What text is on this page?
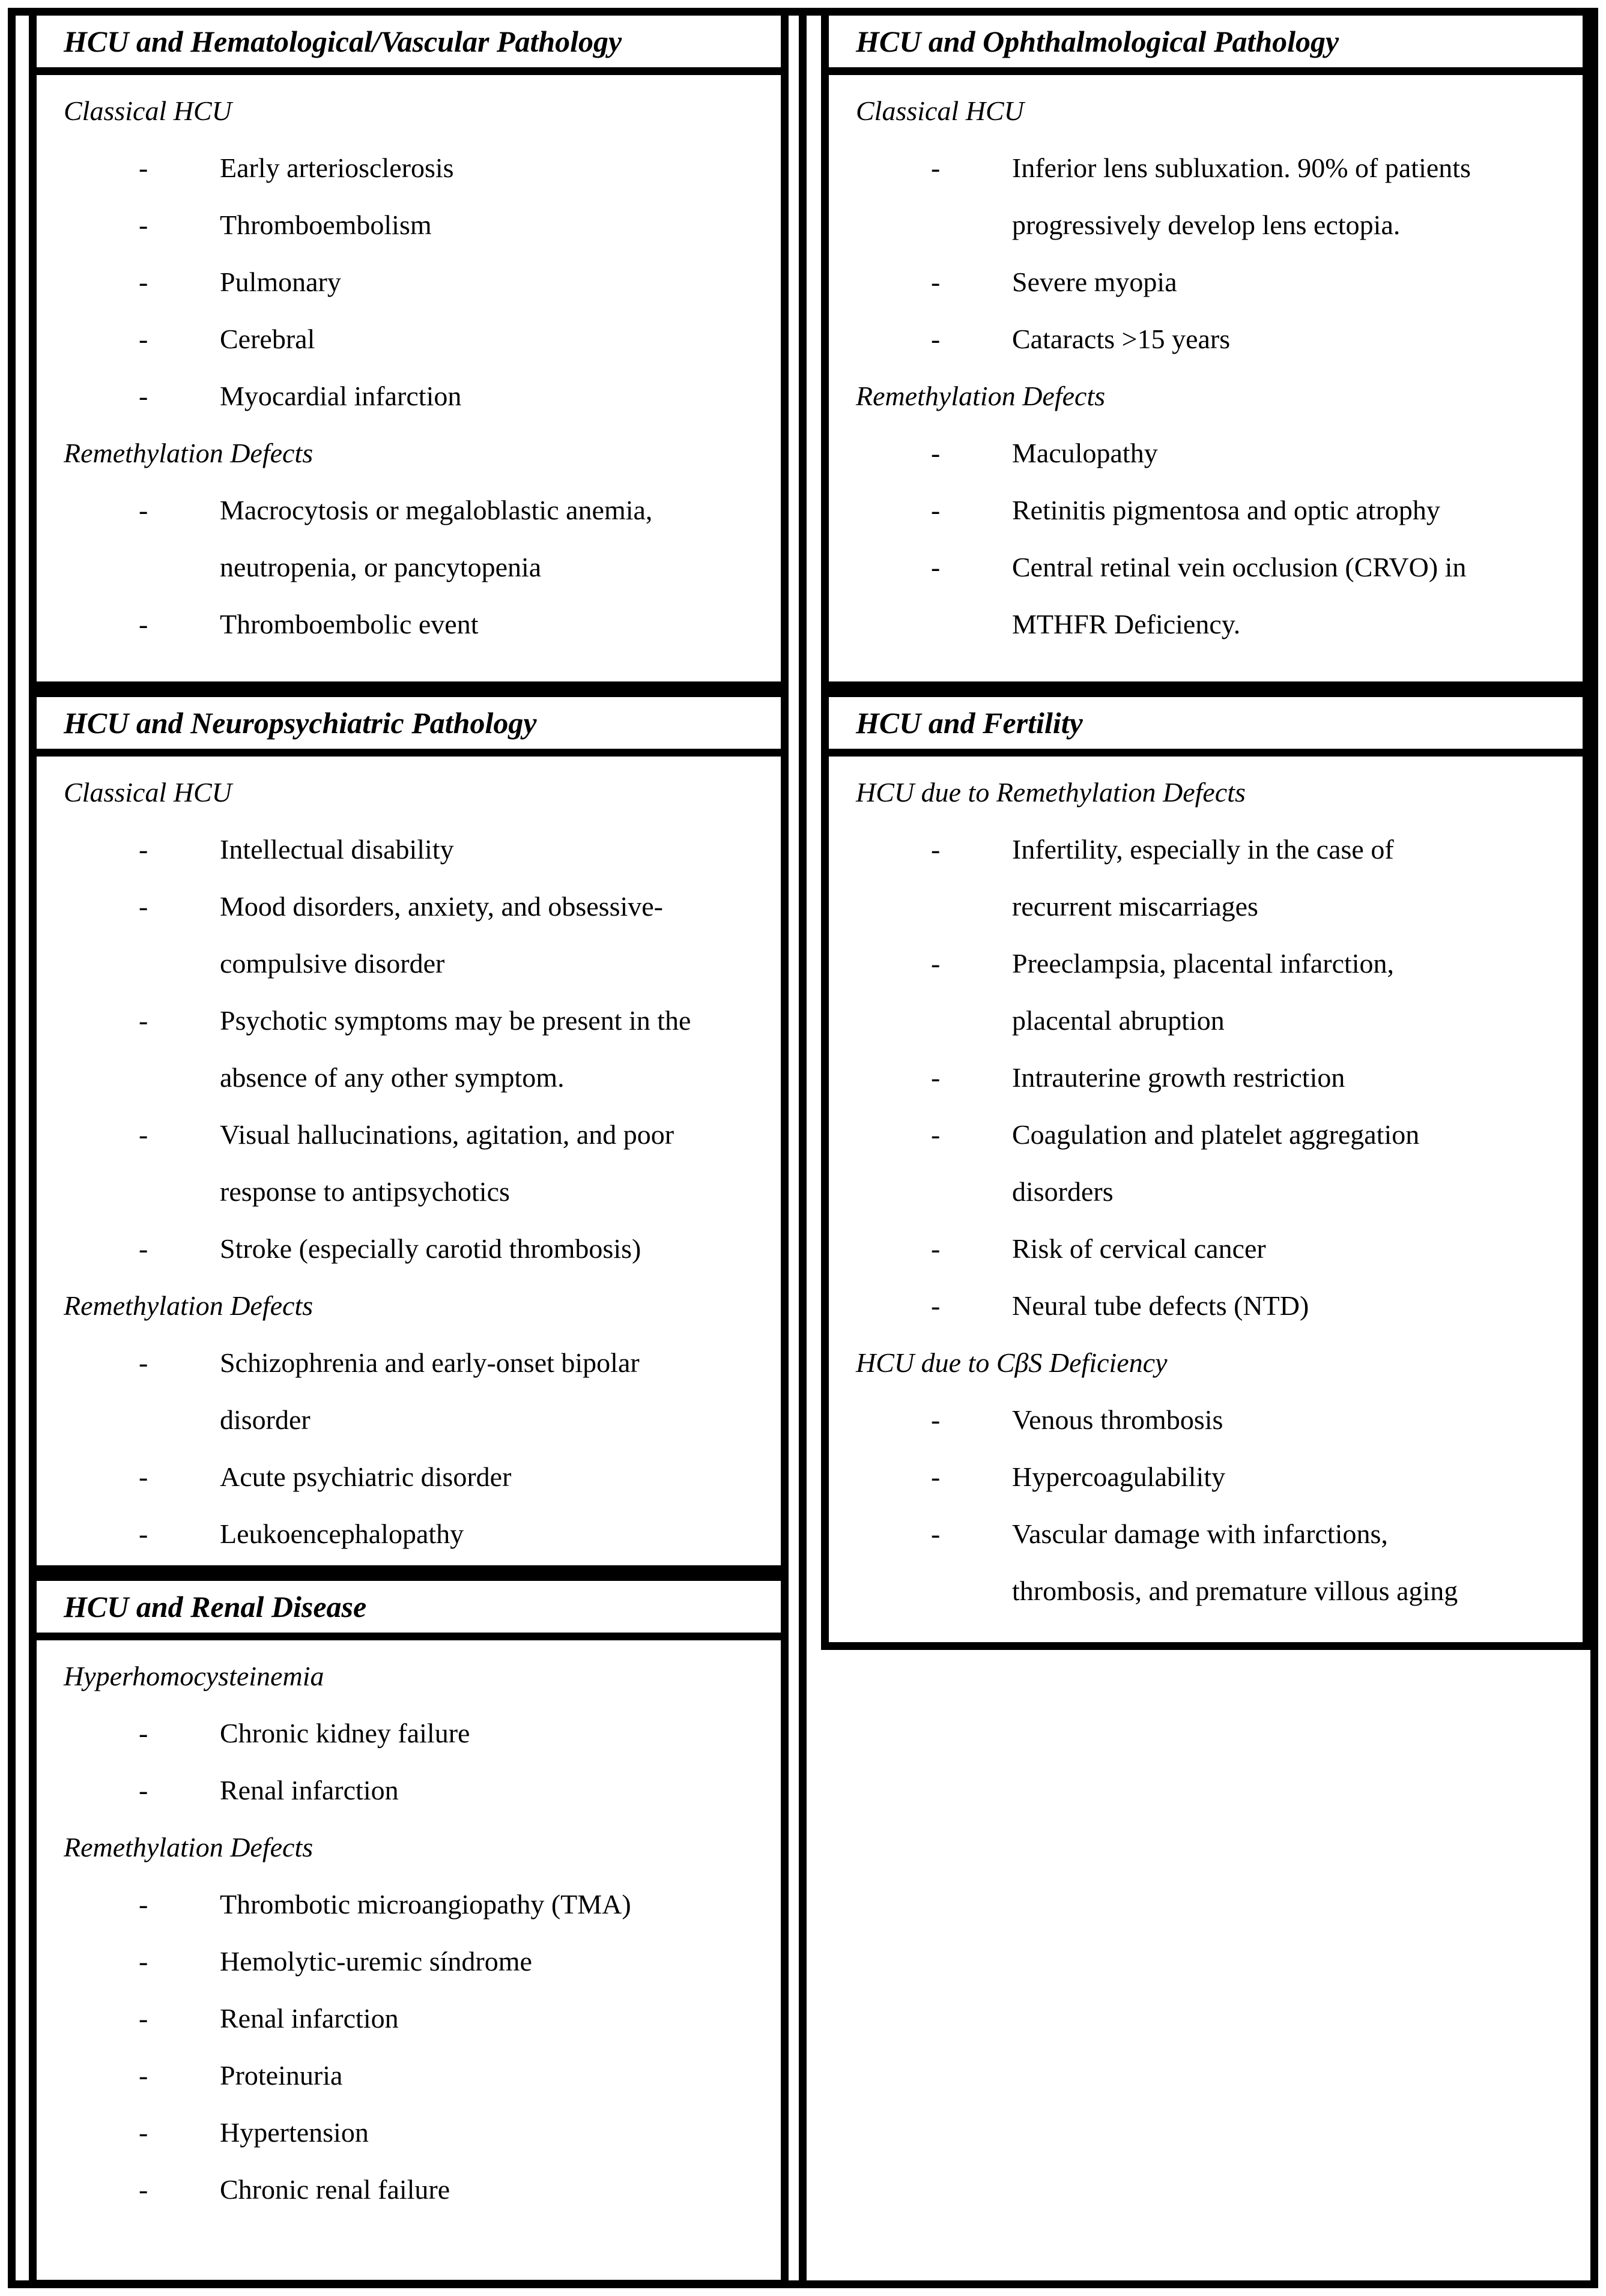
HCU and Hematological/Vascular Pathology
Classical HCU
-	Early arteriosclerosis
-	Thromboembolism
-	Pulmonary
-	Cerebral
-	Myocardial infarction
Remethylation Defects
-	Macrocytosis or megaloblastic anemia,
neutropenia, or pancytopenia
-	Thromboembolic event
HCU and Neuropsychiatric Pathology
Classical HCU
-	Intellectual disability
-	Mood disorders, anxiety, and obsessive-
compulsive disorder
-	Psychotic symptoms may be present in the
absence of any other symptom.
-	Visual hallucinations, agitation, and poor
response to antipsychotics
-	Stroke (especially carotid thrombosis)
Remethylation Defects
-	Schizophrenia and early-onset bipolar
disorder
-	Acute psychiatric disorder
-	Leukoencephalopathy
HCU and Renal Disease
Hyperhomocysteinemia
-	Chronic kidney failure
-	Renal infarction
Remethylation Defects
-	Thrombotic microangiopathy (TMA)
-	Hemolytic-uremic síndrome
-	Renal infarction
-	Proteinuria
-	Hypertension
-	Chronic renal failure
HCU and Ophthalmological Pathology
Classical HCU
-	Inferior lens subluxation. 90% of patients
progressively develop lens ectopia.
-	Severe myopia
-	Cataracts >15 years
Remethylation Defects
-	Maculopathy
-	Retinitis pigmentosa and optic atrophy
-	Central retinal vein occlusion (CRVO) in
MTHFR Deficiency.
HCU and Fertility
HCU due to Remethylation Defects
-	Infertility, especially in the case of
recurrent miscarriages
-	Preeclampsia, placental infarction,
placental abruption
-	Intrauterine growth restriction
-	Coagulation and platelet aggregation
disorders
-	Risk of cervical cancer
-	Neural tube defects (NTD)
HCU due to CβS Deficiency
-	Venous thrombosis
-	Hypercoagulability
-	Vascular damage with infarctions,
thrombosis, and premature villous aging
